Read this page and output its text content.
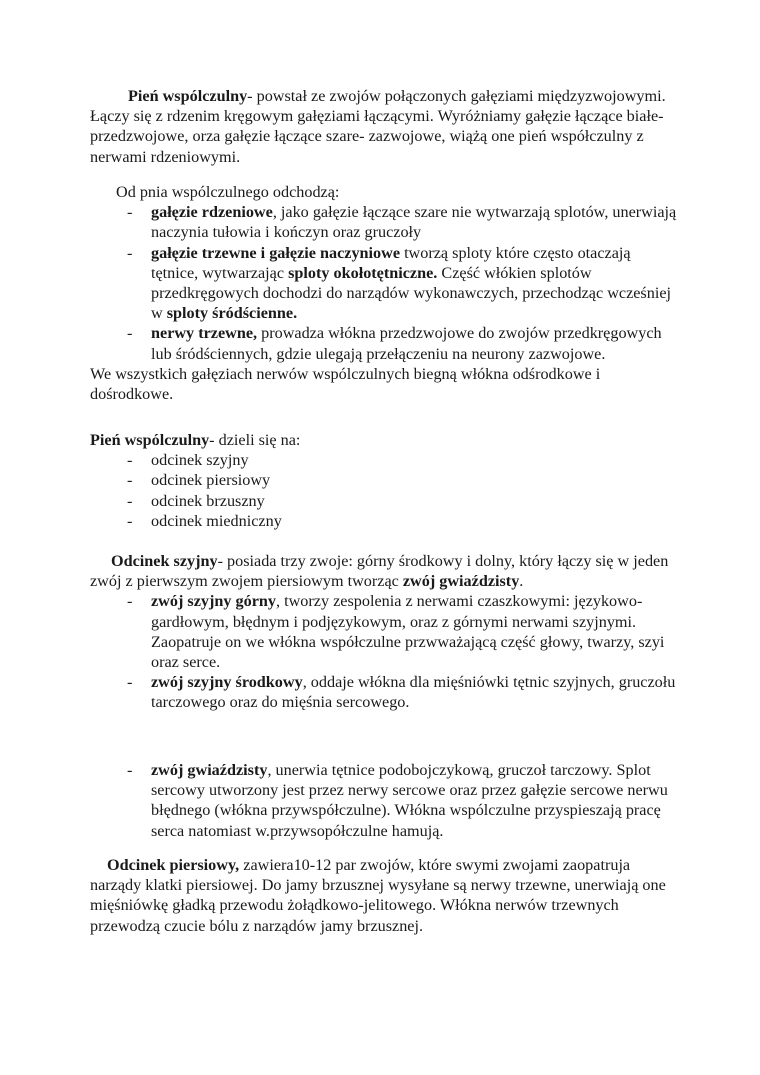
Pień wspólczulny- powstał ze zwojów połączonych gałęziami międzyzwojowymi. Łączy się z rdzenim kręgowym gałęziami łączącymi. Wyróżniamy gałęzie łączące białe- przedzwojowe, orza gałęzie łączące szare- zazwojowe, wiążą one pień współczulny z nerwami rdzeniowymi.

Od pnia wspólczulnego odchodzą:

- gałęzie rdzeniowe, jako gałęzie łączące szare nie wytwarzają splotów, unerwiają naczynia tułowia i kończyn oraz gruczoły
- gałęzie trzewne i gałęzie naczyniowe tworzą sploty które często otaczają tętnice, wytwarzając sploty okołotętniczne. Część włókien splotów przedkręgowych dochodzi do narządów wykonawczych, przechodząc wcześniej w sploty śródścienne.
- nerwy trzewne, prowadza włókna przedzwojowe do zwojów przedkręgowych lub śródściennych, gdzie ulegają przełączeniu na neurony zazwojowe.

We wszystkich gałęziach nerwów wspólczulnych biegną włókna odśrodkowe i dośrodkowe.

Pień wspólczulny- dzieli się na:

- odcinek szyjny
- odcinek piersiowy
- odcinek brzuszny
- odcinek miedniczny

Odcinek szyjny- posiada trzy zwoje: górny środkowy i dolny, który łączy się w jeden zwój z pierwszym zwojem piersiowym tworząc zwój gwiaździsty.

- zwój szyjny górny, tworzy zespolenia z nerwami czaszkowymi: językowo-gardłowym, błędnym i podjęzykowym, oraz z górnymi nerwami szyjnymi. Zaopatruje on we włókna współczulne przwważającą część głowy, twarzy, szyi oraz serce.
- zwój szyjny środkowy, oddaje włókna dla mięśniówki tętnic szyjnych, gruczołu tarczowego oraz do mięśnia sercowego.
- zwój gwiaździsty, unerwia tętnice podobojczykową, gruczoł tarczowy. Splot sercowy utworzony jest przez nerwy sercowe oraz przez gałęzie sercowe nerwu błędnego (włókna przywspółczulne). Włókna wspólczulne przyspieszają pracę serca natomiast w.przywsopółczulne hamują.

Odcinek piersiowy, zawiera10-12 par zwojów, które swymi zwojami zaopatruja narządy klatki piersiowej. Do jamy brzusznej wysyłane są nerwy trzewne, unerwiają one mięśniówkę gładką przewodu żołądkowo-jelitowego. Włókna nerwów trzewnych przewodzą czucie bólu z narządów jamy brzusznej.
